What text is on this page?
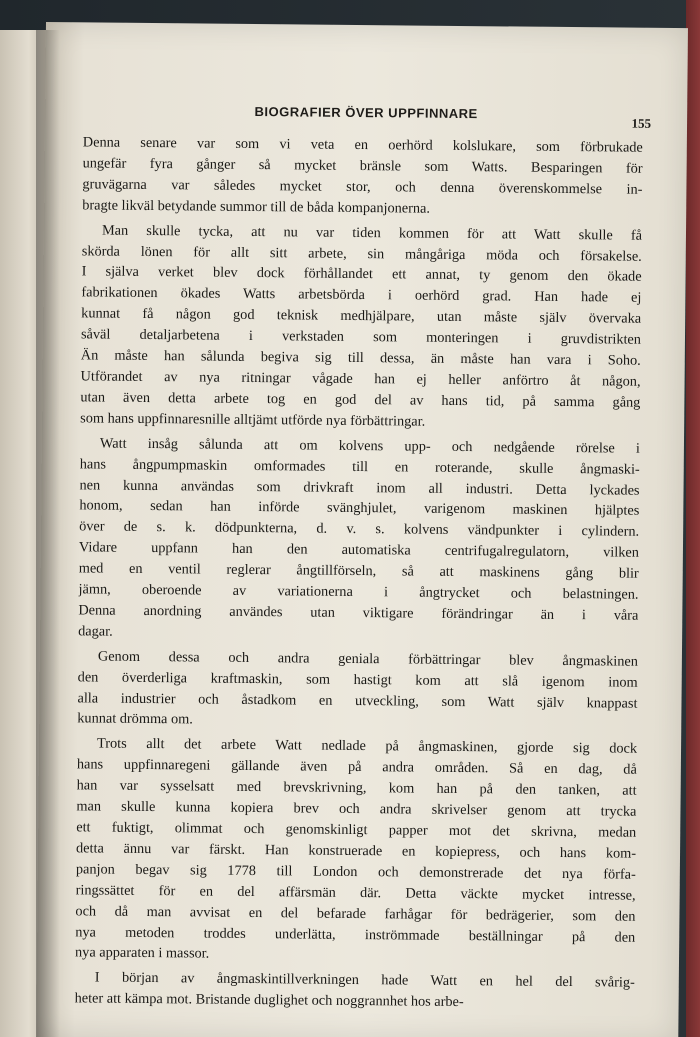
BIOGRAFIER ÖVER UPPFINNARE
155
Denna senare var som vi veta en oerhörd kolslukare, som förbrukade
ungefär fyra gånger så mycket bränsle som Watts. Besparingen för
gruvägarna var således mycket stor, och denna överenskommelse in-
bragte likväl betydande summor till de båda kompanjonerna.
Man skulle tycka, att nu var tiden kommen för att Watt skulle få
skörda lönen för allt sitt arbete, sin mångåriga möda och försakelse.
I själva verket blev dock förhållandet ett annat, ty genom den ökade
fabrikationen ökades Watts arbetsbörda i oerhörd grad. Han hade ej
kunnat få någon god teknisk medhjälpare, utan måste själv övervaka
såväl detaljarbetena i verkstaden som monteringen i gruvdistrikten
Än måste han sålunda begiva sig till dessa, än måste han vara i Soho.
Utförandet av nya ritningar vågade han ej heller anförtro åt någon,
utan även detta arbete tog en god del av hans tid, på samma gång
som hans uppfinnaresnille alltjämt utförde nya förbättringar.
Watt insåg sålunda att om kolvens upp- och nedgående rörelse i
hans ångpumpmaskin omformades till en roterande, skulle ångmaski-
nen kunna användas som drivkraft inom all industri. Detta lyckades
honom, sedan han införde svänghjulet, varigenom maskinen hjälptes
över de s. k. dödpunkterna, d. v. s. kolvens vändpunkter i cylindern.
Vidare uppfann han den automatiska centrifugalregulatorn, vilken
med en ventil reglerar ångtillförseln, så att maskinens gång blir
jämn, oberoende av variationerna i ångtrycket och belastningen.
Denna anordning användes utan viktigare förändringar än i våra
dagar.
Genom dessa och andra geniala förbättringar blev ångmaskinen
den överderliga kraftmaskin, som hastigt kom att slå igenom inom
alla industrier och åstadkom en utveckling, som Watt själv knappast
kunnat drömma om.
Trots allt det arbete Watt nedlade på ångmaskinen, gjorde sig dock
hans uppfinnaregeni gällande även på andra områden. Så en dag, då
han var sysselsatt med brevskrivning, kom han på den tanken, att
man skulle kunna kopiera brev och andra skrivelser genom att trycka
ett fuktigt, olimmat och genomskinligt papper mot det skrivna, medan
detta ännu var färskt. Han konstruerade en kopiepress, och hans kom-
panjon begav sig 1778 till London och demonstrerade det nya förfa-
ringssättet för en del affärsmän där. Detta väckte mycket intresse,
och då man avvisat en del befarade farhågar för bedrägerier, som den
nya metoden troddes underlätta, inströmmade beställningar på den
nya apparaten i massor.
I början av ångmaskintillverkningen hade Watt en hel del svårig-
heter att kämpa mot. Bristande duglighet och noggrannhet hos arbe-
